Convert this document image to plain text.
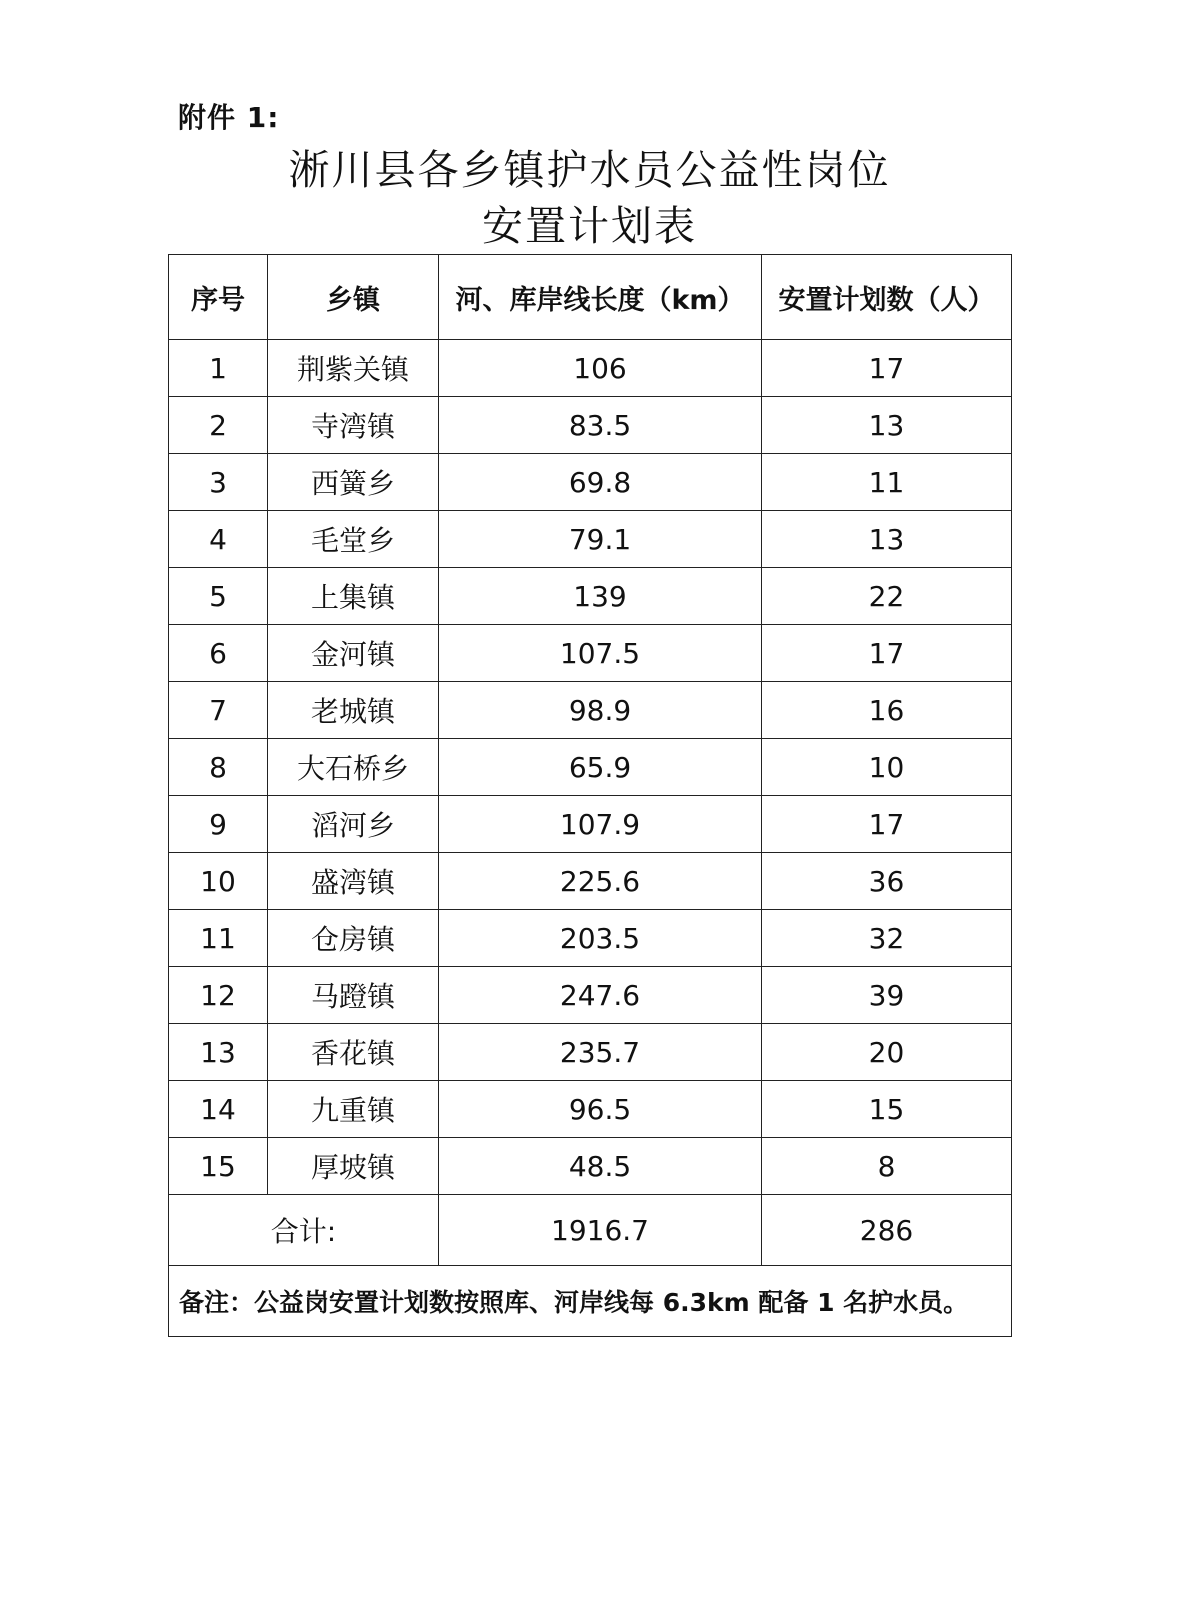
附件 1:
淅川县各乡镇护水员公益性岗位
安置计划表
序号	乡镇	河、库岸线长度（km）	安置计划数（人）
1	荆紫关镇	106	17
2	寺湾镇	83.5	13
3	西簧乡	69.8	11
4	毛堂乡	79.1	13
5	上集镇	139	22
6	金河镇	107.5	17
7	老城镇	98.9	16
8	大石桥乡	65.9	10
9	滔河乡	107.9	17
10	盛湾镇	225.6	36
11	仓房镇	203.5	32
12	马蹬镇	247.6	39
13	香花镇	235.7	20
14	九重镇	96.5	15
15	厚坡镇	48.5	8
合计:		1916.7	286
备注：公益岗安置计划数按照库、河岸线每 6.3km 配备 1 名护水员。			
